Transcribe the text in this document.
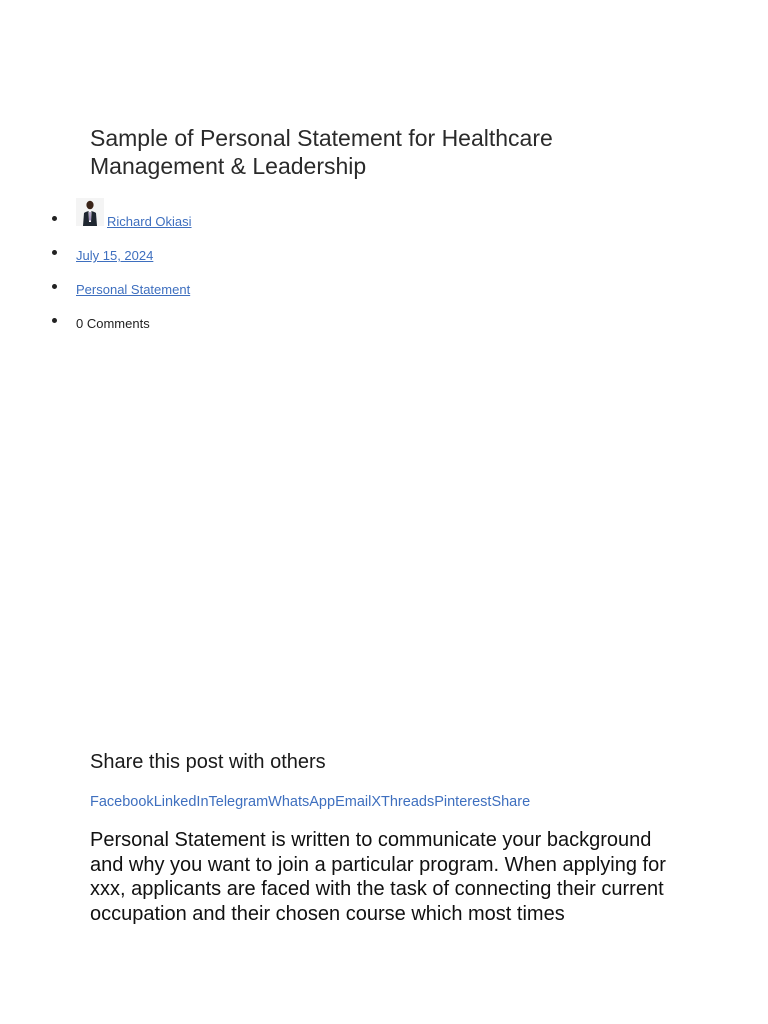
Sample of Personal Statement for Healthcare Management & Leadership
Richard Okiasi
July 15, 2024
Personal Statement
0 Comments
Share this post with others
FacebookLinkedInTelegramWhatsAppEmailXThreadsPinterestShare

Personal Statement is written to communicate your background and why you want to join a particular program. When applying for xxx, applicants are faced with the task of connecting their current occupation and their chosen course which most times
